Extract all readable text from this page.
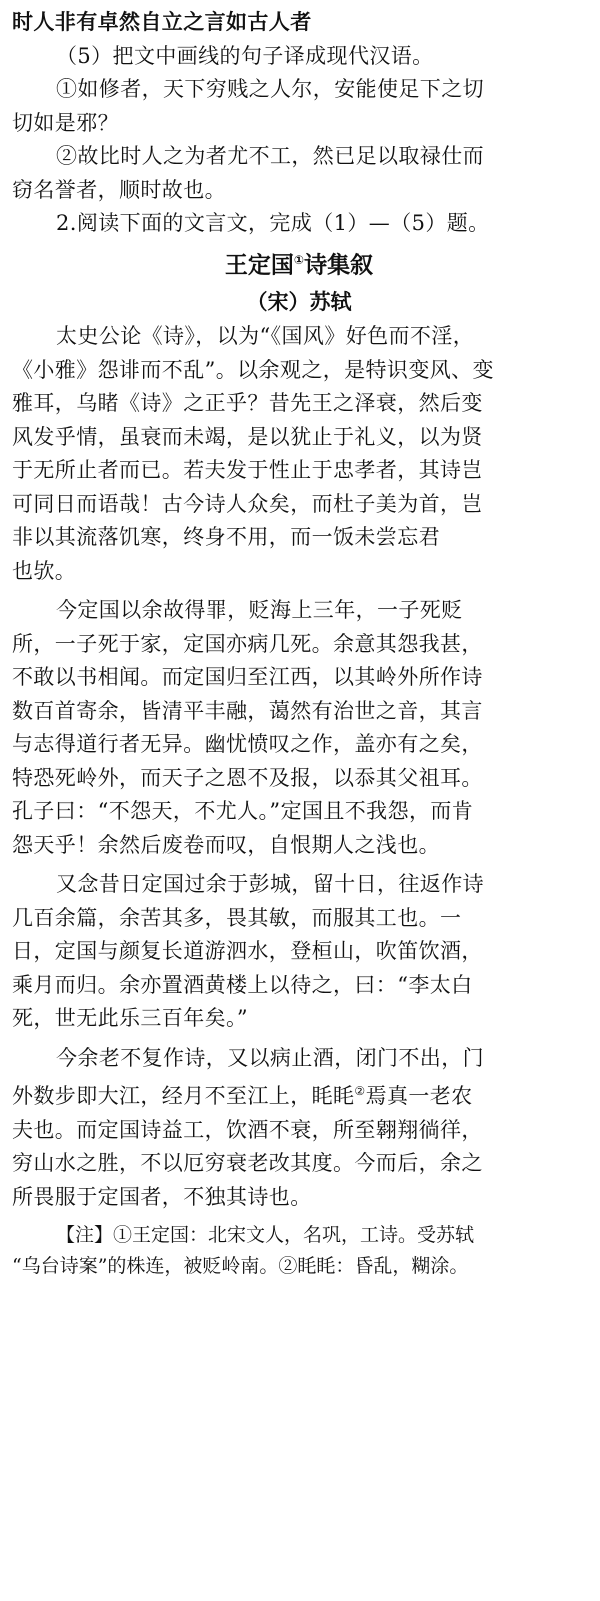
时人非有卓然自立之言如古人者
（5）把文中画线的句子译成现代汉语。
①如修者，天下穷贱之人尔，安能使足下之切
切如是邪？
②故比时人之为者尤不工，然已足以取禄仕而
窃名誉者，顺时故也。
2.阅读下面的文言文，完成（1）—（5）题。
王定国①诗集叙
（宋）苏轼
太史公论《诗》，以为“《国风》好色而不淫，
《小雅》怨诽而不乱”。以余观之，是特识变风、变
雅耳，乌睹《诗》之正乎？昔先王之泽衰，然后变
风发乎情，虽衰而未竭，是以犹止于礼义，以为贤
于无所止者而已。若夫发于性止于忠孝者，其诗岂
可同日而语哉！古今诗人众矣，而杜子美为首，岂
非以其流落饥寒，终身不用，而一饭未尝忘君
也欤。
今定国以余故得罪，贬海上三年，一子死贬
所，一子死于家，定国亦病几死。余意其怨我甚，
不敢以书相闻。而定国归至江西，以其岭外所作诗
数百首寄余，皆清平丰融，蔼然有治世之音，其言
与志得道行者无异。幽忧愤叹之作，盖亦有之矣，
特恐死岭外，而天子之恩不及报，以忝其父祖耳。
孔子曰：“不怨天，不尤人。”定国且不我怨，而肯
怨天乎！余然后废卷而叹，自恨期人之浅也。
又念昔日定国过余于彭城，留十日，往返作诗
几百余篇，余苦其多，畏其敏，而服其工也。一
日，定国与颜复长道游泗水，登桓山，吹笛饮酒，
乘月而归。余亦置酒黄楼上以待之，曰：“李太白
死，世无此乐三百年矣。”
今余老不复作诗，又以病止酒，闭门不出，门
外数步即大江，经月不至江上，眊眊②焉真一老农
夫也。而定国诗益工，饮酒不衰，所至翱翔徜徉，
穷山水之胜，不以厄穷衰老改其度。今而后，余之
所畏服于定国者，不独其诗也。
【注】①王定国：北宋文人，名巩，工诗。受苏轼
“乌台诗案”的株连，被贬岭南。②眊眊：昏乱，糊涂。
